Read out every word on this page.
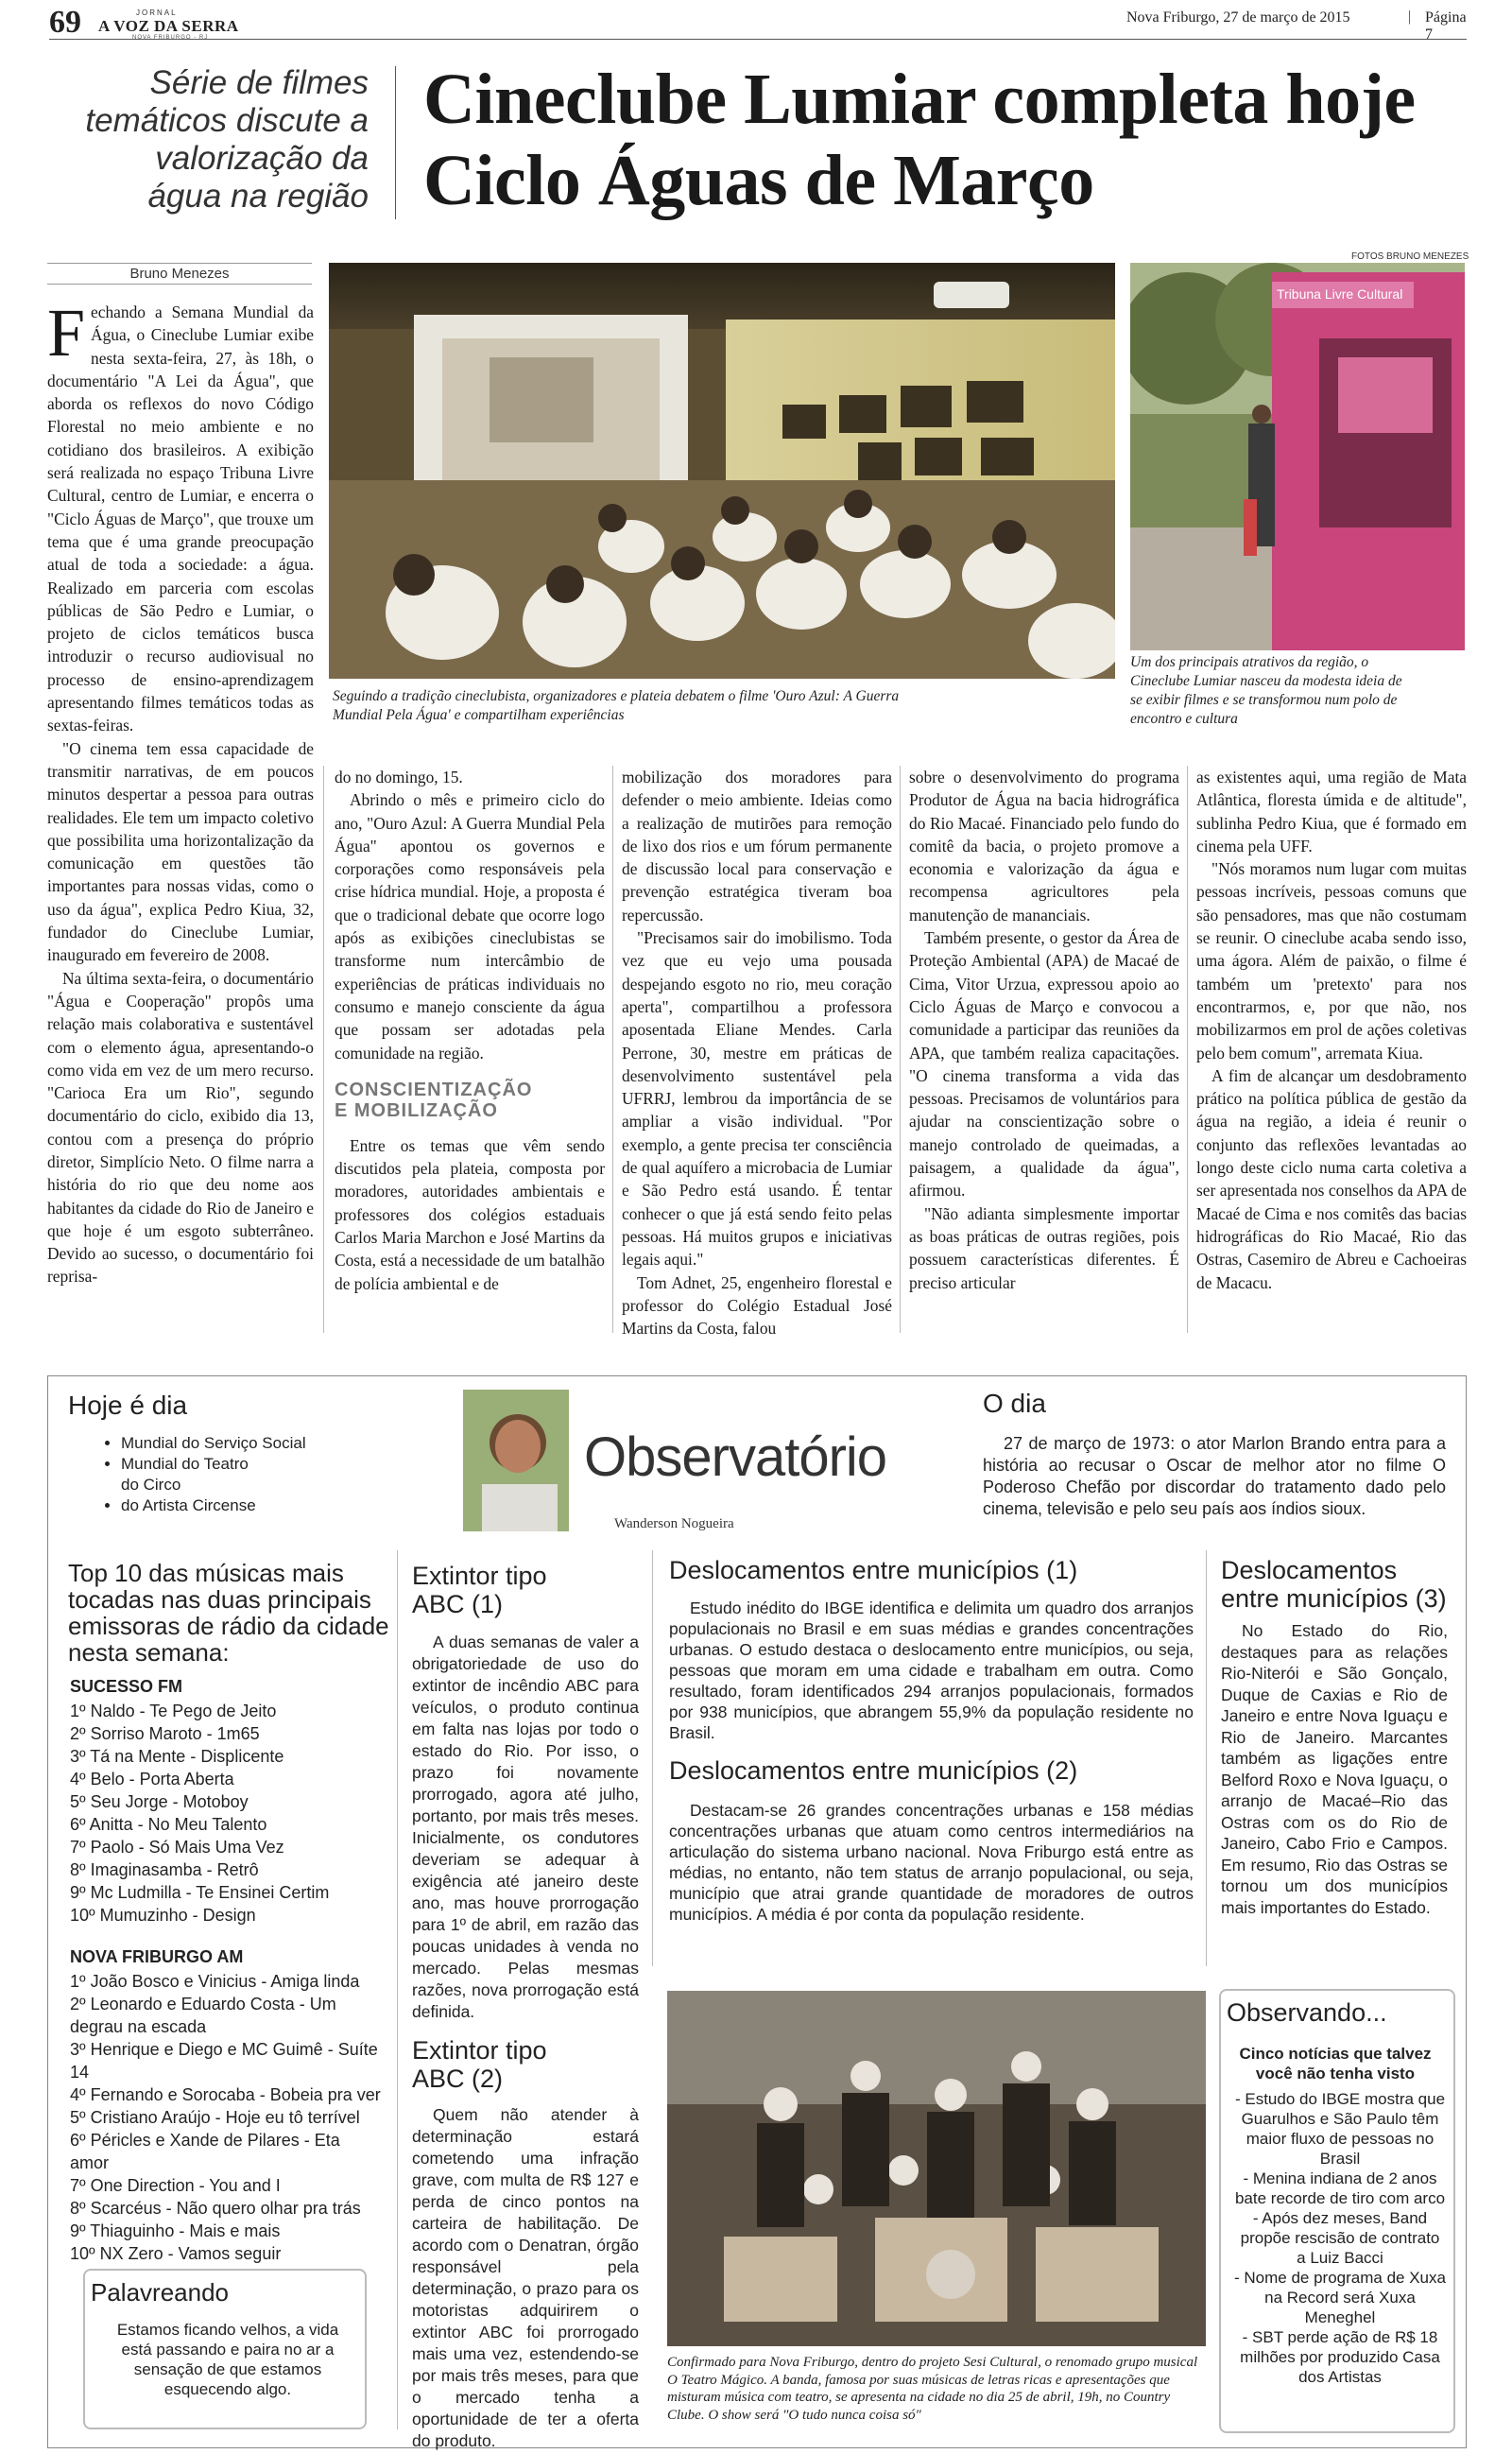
69	JORNAL
A VOZ DA SERRA
NOVA FRIBURGO - RJ
Nova Friburgo, 27 de março de 2015	| Página 7
Série de filmes temáticos discute a valorização da água na região
Cineclube Lumiar completa hoje Ciclo Águas de Março
FOTOS BRUNO MENEZES
Bruno Menezes
Seguindo a tradição cineclubista, organizadores e plateia debatem o filme 'Ouro Azul: A Guerra Mundial Pela Água' e compartilham experiências
Tribuna Livre Cultural
Um dos principais atrativos da região, o Cineclube Lumiar nasceu da modesta ideia de se exibir filmes e se transformou num polo de encontro e cultura
F echando a Semana Mundial da Água, o Cineclube Lumiar exibe nesta sexta-feira, 27, às 18h, o documentário "A Lei da Água", que aborda os reflexos do novo Código Florestal no meio ambiente e no cotidiano dos brasileiros. A exibição será realizada no espaço Tribuna Livre Cultural, centro de Lumiar, e encerra o "Ciclo Águas de Março", que trouxe um tema que é uma grande preocupação atual de toda a sociedade: a água. Realizado em parceria com escolas públicas de São Pedro e Lumiar, o projeto de ciclos temáticos busca introduzir o recurso audiovisual no processo de ensino-aprendizagem apresentando filmes temáticos todas as sextas-feiras.

"O cinema tem essa capacidade de transmitir narrativas, de em poucos minutos despertar a pessoa para outras realidades. Ele tem um impacto coletivo que possibilita uma horizontalização da comunicação em questões tão importantes para nossas vidas, como o uso da água", explica Pedro Kiua, 32, fundador do Cineclube Lumiar, inaugurado em fevereiro de 2008.

Na última sexta-feira, o documentário "Água e Cooperação" propôs uma relação mais colaborativa e sustentável com o elemento água, apresentando-o como vida em vez de um mero recurso. "Carioca Era um Rio", segundo documentário do ciclo, exibido dia 13, contou com a presença do próprio diretor, Simplício Neto. O filme narra a história do rio que deu nome aos habitantes da cidade do Rio de Janeiro e que hoje é um esgoto subterrâneo. Devido ao sucesso, o documentário foi reprisa-

do no domingo, 15.

Abrindo o mês e primeiro ciclo do ano, "Ouro Azul: A Guerra Mundial Pela Água" apontou os governos e corporações como responsáveis pela crise hídrica mundial. Hoje, a proposta é que o tradicional debate que ocorre logo após as exibições cineclubistas se transforme num intercâmbio de experiências de práticas individuais no consumo e manejo consciente da água que possam ser adotadas pela comunidade na região.

CONSCIENTIZAÇÃO E MOBILIZAÇÃO

Entre os temas que vêm sendo discutidos pela plateia, composta por moradores, autoridades ambientais e professores dos colégios estaduais Carlos Maria Marchon e José Martins da Costa, está a necessidade de um batalhão de polícia ambiental e de

mobilização dos moradores para defender o meio ambiente. Ideias como a realização de mutirões para remoção de lixo dos rios e um fórum permanente de discussão local para conservação e prevenção estratégica tiveram boa repercussão.

"Precisamos sair do imobilismo. Toda vez que eu vejo uma pousada despejando esgoto no rio, meu coração aperta", compartilhou a professora aposentada Eliane Mendes. Carla Perrone, 30, mestre em práticas de desenvolvimento sustentável pela UFRRJ, lembrou da importância de se ampliar a visão individual. "Por exemplo, a gente precisa ter consciência de qual aquífero a microbacia de Lumiar e São Pedro está usando. É tentar conhecer o que já está sendo feito pelas pessoas. Há muitos grupos e iniciativas legais aqui."

Tom Adnet, 25, engenheiro florestal e professor do Colégio Estadual José Martins da Costa, falou

sobre o desenvolvimento do programa Produtor de Água na bacia hidrográfica do Rio Macaé. Financiado pelo fundo do comitê da bacia, o projeto promove a economia e valorização da água e recompensa agricultores pela manutenção de mananciais.

Também presente, o gestor da Área de Proteção Ambiental (APA) de Macaé de Cima, Vitor Urzua, expressou apoio ao Ciclo Águas de Março e convocou a comunidade a participar das reuniões da APA, que também realiza capacitações. "O cinema transforma a vida das pessoas. Precisamos de voluntários para ajudar na conscientização sobre o manejo controlado de queimadas, a paisagem, a qualidade da água", afirmou.

"Não adianta simplesmente importar as boas práticas de outras regiões, pois possuem características diferentes. É preciso articular

as existentes aqui, uma região de Mata Atlântica, floresta úmida e de altitude", sublinha Pedro Kiua, que é formado em cinema pela UFF.

"Nós moramos num lugar com muitas pessoas incríveis, pessoas comuns que são pensadores, mas que não costumam se reunir. O cineclube acaba sendo isso, uma ágora. Além de paixão, o filme é também um 'pretexto' para nos encontrarmos, e, por que não, nos mobilizarmos em prol de ações coletivas pelo bem comum", arremata Kiua.

A fim de alcançar um desdobramento prático na política pública de gestão da água na região, a ideia é reunir o conjunto das reflexões levantadas ao longo deste ciclo numa carta coletiva a ser apresentada nos conselhos da APA de Macaé de Cima e nos comitês das bacias hidrográficas do Rio Macaé, Rio das Ostras, Casemiro de Abreu e Cachoeiras de Macacu.

Hoje é dia
• Mundial do Serviço Social
• Mundial do Teatro
do Circo
• do Artista Circense
Observatório
Wanderson Nogueira
O dia
27 de março de 1973: o ator Marlon Brando entra para a história ao recusar o Oscar de melhor ator no filme O Poderoso Chefão por discordar do tratamento dado pelo cinema, televisão e pelo seu país aos índios sioux.
Top 10 das músicas mais tocadas nas duas principais emissoras de rádio da cidade nesta semana:
SUCESSO FM
1º Naldo - Te Pego de Jeito
2º Sorriso Maroto - 1m65
3º Tá na Mente - Displicente
4º Belo - Porta Aberta
5º Seu Jorge - Motoboy
6º Anitta - No Meu Talento
7º Paolo - Só Mais Uma Vez
8º Imaginasamba - Retrô
9º Mc Ludmilla - Te Ensinei Certim
10º Mumuzinho - Design
NOVA FRIBURGO AM
1º João Bosco e Vinicius - Amiga linda
2º Leonardo e Eduardo Costa - Um degrau na escada
3º Henrique e Diego e MC Guimê - Suíte 14
4º Fernando e Sorocaba - Bobeia pra ver
5º Cristiano Araújo - Hoje eu tô terrível
6º Péricles e Xande de Pilares - Eta amor
7º One Direction - You and I
8º Scarcéus - Não quero olhar pra trás
9º Thiaguinho - Mais e mais
10º NX Zero - Vamos seguir
Palavreando
Estamos ficando velhos, a vida está passando e paira no ar a sensação de que estamos esquecendo algo.
Extintor tipo ABC (1)
A duas semanas de valer a obrigatoriedade de uso do extintor de incêndio ABC para veículos, o produto continua em falta nas lojas por todo o estado do Rio. Por isso, o prazo foi novamente prorrogado, agora até julho, portanto, por mais três meses. Inicialmente, os condutores deveriam se adequar à exigência até janeiro deste ano, mas houve prorrogação para 1º de abril, em razão das poucas unidades à venda no mercado. Pelas mesmas razões, nova prorrogação está definida.
Extintor tipo ABC (2)
Quem não atender à determinação estará cometendo uma infração grave, com multa de R$ 127 e perda de cinco pontos na carteira de habilitação. De acordo com o Denatran, órgão responsável pela determinação, o prazo para os motoristas adquirirem o extintor ABC foi prorrogado mais uma vez, estendendo-se por mais três meses, para que o mercado tenha a oportunidade de ter a oferta do produto.
Deslocamentos entre municípios (1)
Estudo inédito do IBGE identifica e delimita um quadro dos arranjos populacionais no Brasil e em suas médias e grandes concentrações urbanas. O estudo destaca o deslocamento entre municípios, ou seja, pessoas que moram em uma cidade e trabalham em outra. Como resultado, foram identificados 294 arranjos populacionais, formados por 938 municípios, que abrangem 55,9% da população residente no Brasil.
Deslocamentos entre municípios (2)
Destacam-se 26 grandes concentrações urbanas e 158 médias concentrações urbanas que atuam como centros intermediários na articulação do sistema urbano nacional. Nova Friburgo está entre as médias, no entanto, não tem status de arranjo populacional, ou seja, município que atrai grande quantidade de moradores de outros municípios. A média é por conta da população residente.
Deslocamentos entre municípios (3)
No Estado do Rio, destaques para as relações Rio-Niterói e São Gonçalo, Duque de Caxias e Rio de Janeiro e entre Nova Iguaçu e Rio de Janeiro. Marcantes também as ligações entre Belford Roxo e Nova Iguaçu, o arranjo de Macaé–Rio das Ostras com os do Rio de Janeiro, Cabo Frio e Campos. Em resumo, Rio das Ostras se tornou um dos municípios mais importantes do Estado.
Confirmado para Nova Friburgo, dentro do projeto Sesi Cultural, o renomado grupo musical O Teatro Mágico. A banda, famosa por suas músicas de letras ricas e apresentações que misturam música com teatro, se apresenta na cidade no dia 25 de abril, 19h, no Country Clube. O show será "O tudo nunca coisa só"
Observando...
Cinco notícias que talvez você não tenha visto
- Estudo do IBGE mostra que Guarulhos e São Paulo têm maior fluxo de pessoas no Brasil
- Menina indiana de 2 anos bate recorde de tiro com arco
- Após dez meses, Band propõe rescisão de contrato a Luiz Bacci
- Nome de programa de Xuxa na Record será Xuxa Meneghel
- SBT perde ação de R$ 18 milhões por produzido Casa dos Artistas
